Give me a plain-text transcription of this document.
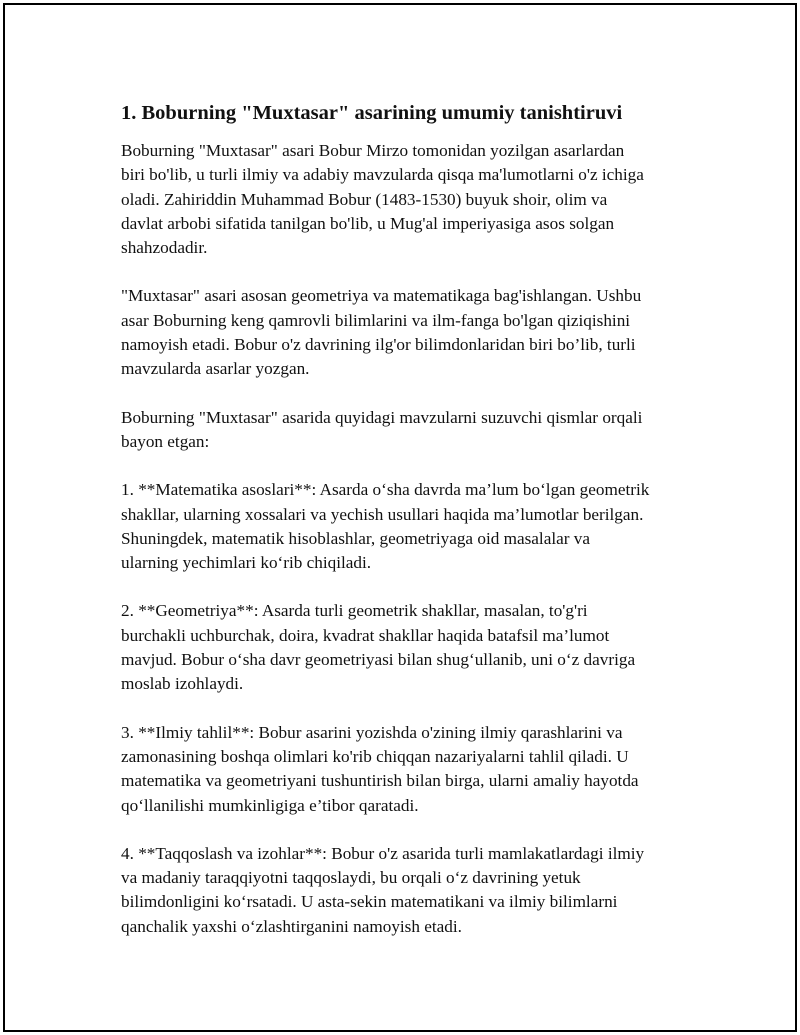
1. Boburning "Muxtasar" asarining umumiy tanishtiruvi

Boburning "Muxtasar" asari Bobur Mirzo tomonidan yozilgan asarlardan
biri bo'lib, u turli ilmiy va adabiy mavzularda qisqa ma'lumotlarni o'z ichiga
oladi. Zahiriddin Muhammad Bobur (1483-1530) buyuk shoir, olim va
davlat arbobi sifatida tanilgan bo'lib, u Mug'al imperiyasiga asos solgan
shahzodadir.

"Muxtasar" asari asosan geometriya va matematikaga bag'ishlangan. Ushbu
asar Boburning keng qamrovli bilimlarini va ilm-fanga bo'lgan qiziqishini
namoyish etadi. Bobur o'z davrining ilg'or bilimdonlaridan biri bo’lib, turli
mavzularda asarlar yozgan.

Boburning "Muxtasar" asarida quyidagi mavzularni suzuvchi qismlar orqali
bayon etgan:

1. **Matematika asoslari**: Asarda o‘sha davrda ma’lum bo‘lgan geometrik
shakllar, ularning xossalari va yechish usullari haqida ma’lumotlar berilgan.
Shuningdek, matematik hisoblashlar, geometriyaga oid masalalar va
ularning yechimlari ko‘rib chiqiladi.

2. **Geometriya**: Asarda turli geometrik shakllar, masalan, to'g'ri
burchakli uchburchak, doira, kvadrat shakllar haqida batafsil ma’lumot
mavjud. Bobur o‘sha davr geometriyasi bilan shug‘ullanib, uni o‘z davriga
moslab izohlaydi.

3. **Ilmiy tahlil**: Bobur asarini yozishda o'zining ilmiy qarashlarini va
zamonasining boshqa olimlari ko'rib chiqqan nazariyalarni tahlil qiladi. U
matematika va geometriyani tushuntirish bilan birga, ularni amaliy hayotda
qo‘llanilishi mumkinligiga e’tibor qaratadi.

4. **Taqqoslash va izohlar**: Bobur o'z asarida turli mamlakatlardagi ilmiy
va madaniy taraqqiyotni taqqoslaydi, bu orqali o‘z davrining yetuk
bilimdonligini ko‘rsatadi. U asta-sekin matematikani va ilmiy bilimlarni
qanchalik yaxshi o‘zlashtirganini namoyish etadi.
